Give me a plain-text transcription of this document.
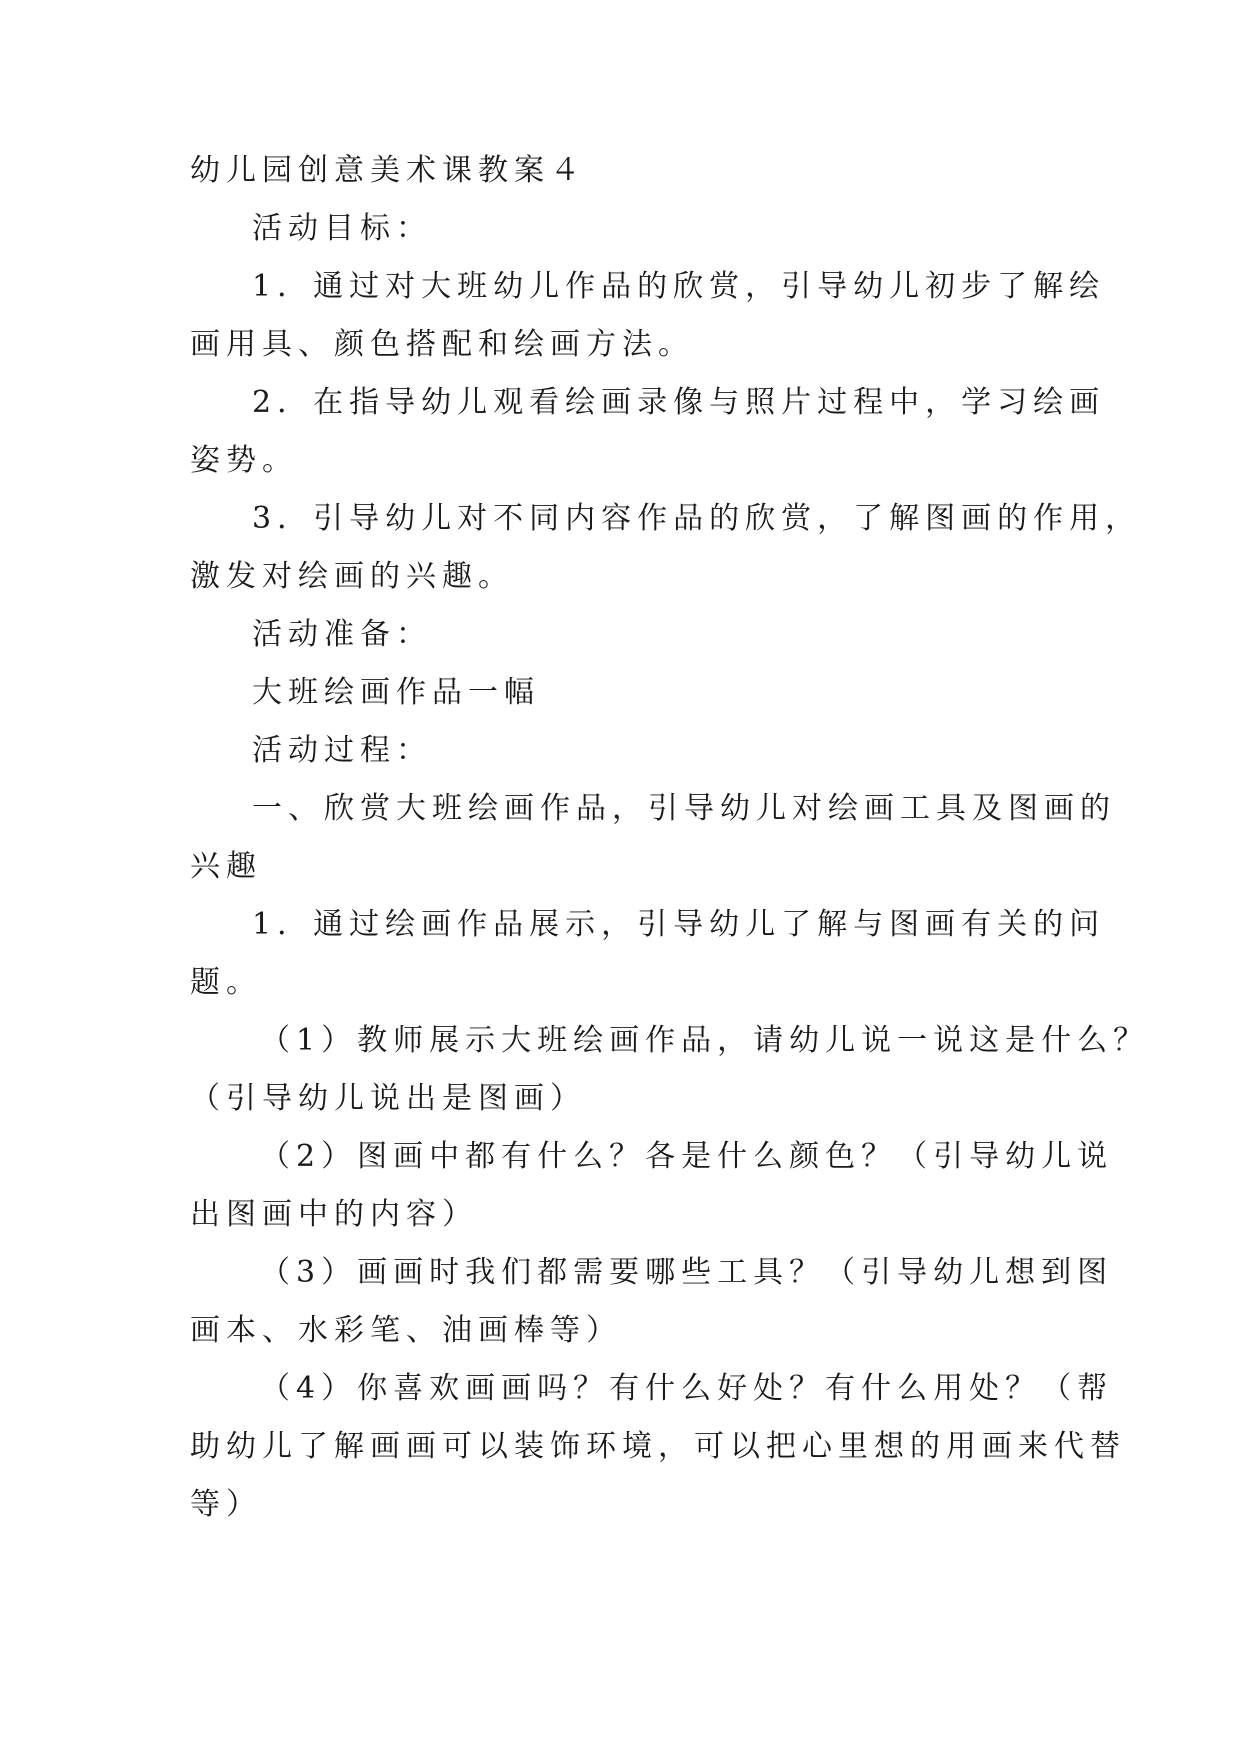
幼儿园创意美术课教案４

活动目标：

1．通过对大班幼儿作品的欣赏，引导幼儿初步了解绘

画用具、颜色搭配和绘画方法。

2．在指导幼儿观看绘画录像与照片过程中，学习绘画

姿势。

3．引导幼儿对不同内容作品的欣赏，了解图画的作用，

激发对绘画的兴趣。

活动准备：

大班绘画作品一幅

活动过程：

一、欣赏大班绘画作品，引导幼儿对绘画工具及图画的

兴趣

1．通过绘画作品展示，引导幼儿了解与图画有关的问

题。

（1）教师展示大班绘画作品，请幼儿说一说这是什么？

（引导幼儿说出是图画）

（2）图画中都有什么？各是什么颜色？（引导幼儿说

出图画中的内容）

（3）画画时我们都需要哪些工具？（引导幼儿想到图

画本、水彩笔、油画棒等）

（4）你喜欢画画吗？有什么好处？有什么用处？（帮

助幼儿了解画画可以装饰环境，可以把心里想的用画来代替

等）
